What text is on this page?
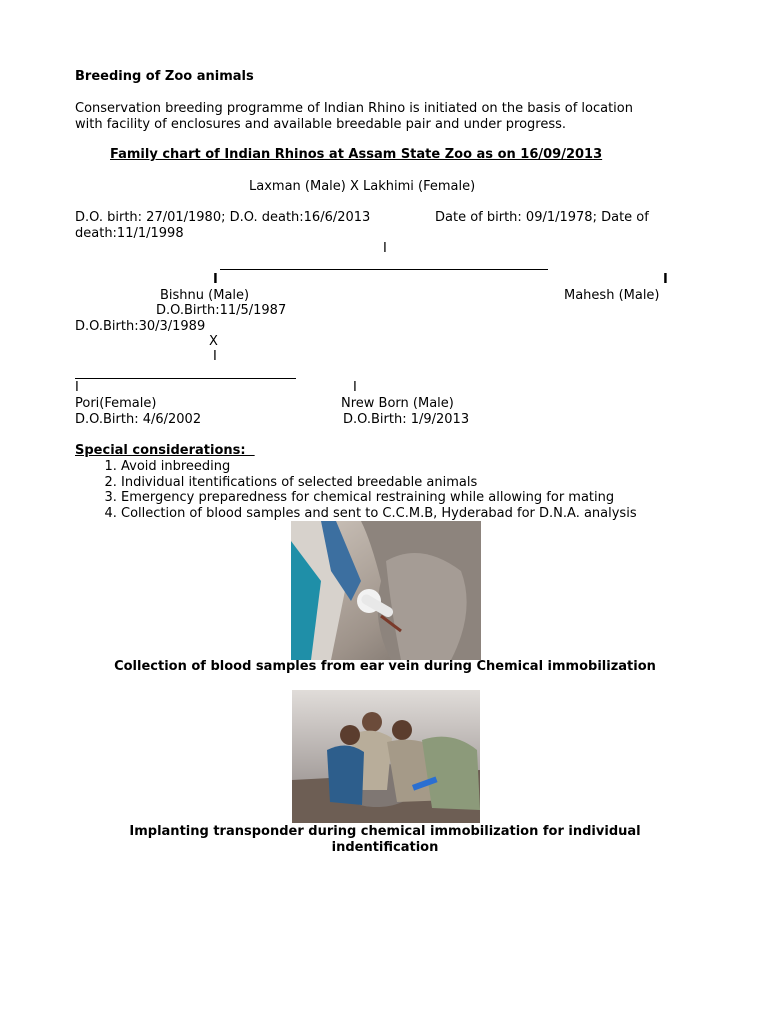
Breeding of Zoo animals
Conservation breeding programme of Indian Rhino is initiated on the basis of location
with facility of enclosures and available breedable pair and under progress.
Family chart of Indian Rhinos at Assam State Zoo as on 16/09/2013
Laxman (Male) X Lakhimi (Female)
D.O. birth: 27/01/1980; D.O. death:16/6/2013	Date of birth: 09/1/1978; Date of
death:11/1/1998
I
I	I
Bishnu (Male)	Mahesh (Male)
D.O.Birth:11/5/1987
D.O.Birth:30/3/1989
X
I
I	I
Pori(Female)	Nrew Born (Male)
D.O.Birth: 4/6/2002	D.O.Birth: 1/9/2013
Special considerations:
1. Avoid inbreeding
2. Individual itentifications of selected breedable animals
3. Emergency preparedness for chemical restraining while allowing for mating
4. Collection of blood samples and sent to C.C.M.B, Hyderabad for D.N.A. analysis
Collection of blood samples from ear vein during Chemical immobilization
Implanting transponder during chemical immobilization for individual
indentification
